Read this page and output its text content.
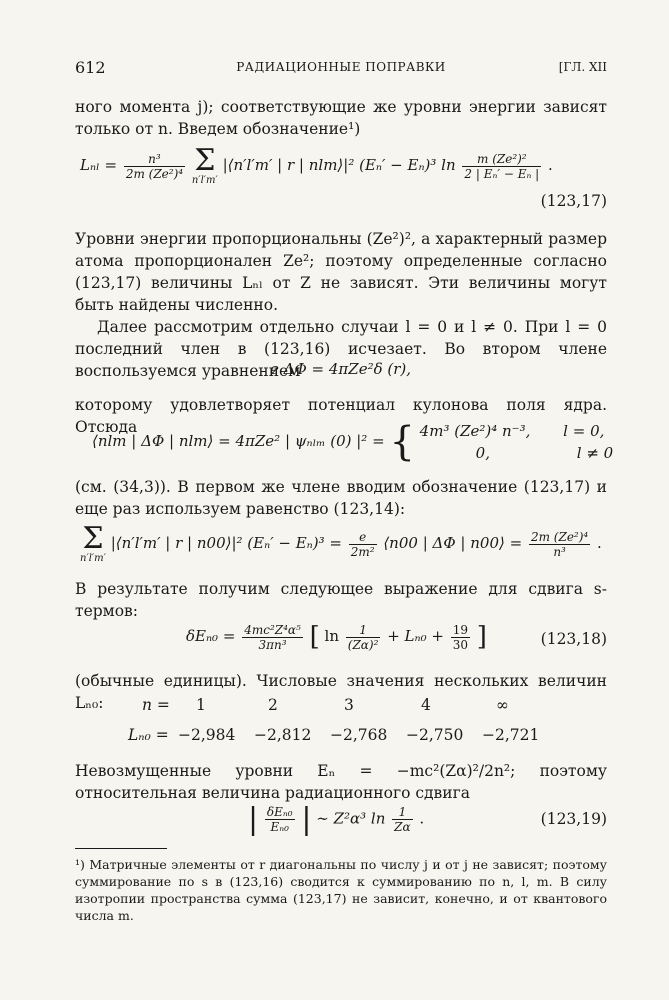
612	РАДИАЦИОННЫЕ ПОПРАВКИ	[ГЛ. XII
ного момента j); соответствующие же уровни энергии зависят только от n. Введем обозначение¹)
$L_{nl} = \frac{\text{n³}}{\text{2m (Ze²)⁴}}$ Σ
n′l′m′
|⟨n′l′m′ | r | nlm⟩|² (Eₙ′ − Eₙ)³ $\ln \frac{\text{m (Ze²)²}}{\text{2 | Eₙ′ − Eₙ |}}$ .
(123,17)
Уровни энергии пропорциональны (Ze²)², а характерный размер атома пропорционален Ze²; поэтому определенные согласно (123,17) величины Lₙₗ от Z не зависят. Эти величины могут быть найдены численно.
Далее рассмотрим отдельно случаи l = 0 и l ≠ 0. При l = 0 последний член в (123,16) исчезает. Во втором члене воспользуемся уравнением
e ΔΦ = 4πZe²δ (r),
которому удовлетворяет потенциал кулонова поля ядра. Отсюда
⟨nlm | ΔΦ | nlm⟩ = 4πZe² | ψₙₗₘ (0) |² = { 4m³ (Ze²)⁴ n⁻³, l = 0,
0,	l ≠ 0
(см. (34,3)). В первом же члене вводим обозначение (123,17) и еще раз используем равенство (123,14):
Σ
n′l′m′
|⟨n′l′m′ | r | n00⟩|² $(E_n' - E_n)^3 = \frac{e}{\text{2m²}}$ ⟨n00 | ΔΦ | n00⟩ = $\frac{\text{2m (Ze²)⁴}}{\text{n³}}$ .
В результате получим следующее выражение для сдвига s-термов:
$\delta E_{n0} = \frac{\text{4mc²Z⁴α⁵}}{\text{3πn³}}$ [ $\ln \frac{1}{\text{(Zα)²}} + L_{n0} + \frac{19}{30}$ ]	(123,18)
(обычные единицы). Числовые значения нескольких величин Lₙ₀:	n = 1	2	3	4	∞
Lₙ₀ = −2,984 −2,812 −2,768 −2,750 −2,721
Невозмущенные уровни Eₙ = −mc²(Zα)²/2n²; поэтому относительная величина радиационного сдвига
| $\frac{\text{δEₙ₀}}{\text{Eₙ₀}}$ | ∼ Z²α³ $\ln \frac{1}{Z\alpha}$ .	(123,19)
¹) Матричные элементы от r диагональны по числу j и от j не зависят; поэтому суммирование по s в (123,16) сводится к суммированию по n, l, m. В силу изотропии пространства сумма (123,17) не зависит, конечно, и от квантового числа m.
